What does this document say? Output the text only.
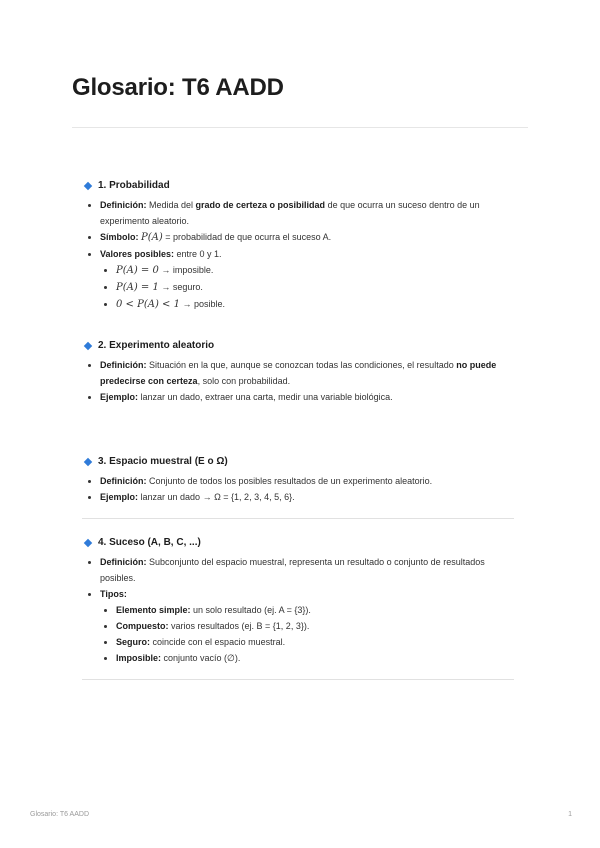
Glosario: T6 AADD
1. Probabilidad
• Definición: Medida del grado de certeza o posibilidad de que ocurra un suceso dentro de un experimento aleatorio.
• Símbolo: P(A) = probabilidad de que ocurra el suceso A.
• Valores posibles: entre 0 y 1.
• P(A) = 0 → imposible.
• P(A) = 1 → seguro.
• 0 < P(A) < 1 → posible.
2. Experimento aleatorio
• Definición: Situación en la que, aunque se conozcan todas las condiciones, el resultado no puede predecirse con certeza, solo con probabilidad.
• Ejemplo: lanzar un dado, extraer una carta, medir una variable biológica.
3. Espacio muestral (E o Ω)
• Definición: Conjunto de todos los posibles resultados de un experimento aleatorio.
• Ejemplo: lanzar un dado → Ω = {1, 2, 3, 4, 5, 6}.
4. Suceso (A, B, C, ...)
• Definición: Subconjunto del espacio muestral, representa un resultado o conjunto de resultados posibles.
• Tipos:
• Elemento simple: un solo resultado (ej. A = {3}).
• Compuesto: varios resultados (ej. B = {1, 2, 3}).
• Seguro: coincide con el espacio muestral.
• Imposible: conjunto vacío (∅).
Glosario: T6 AADD	1
